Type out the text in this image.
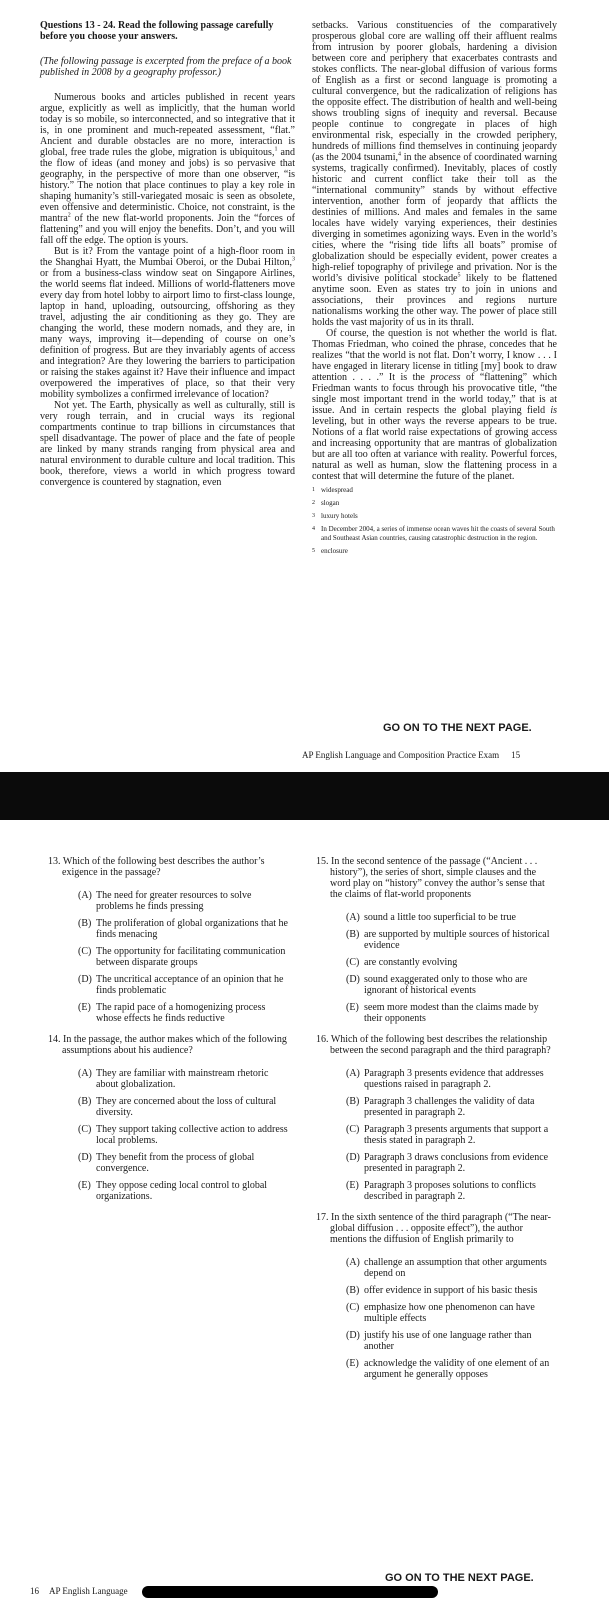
Questions 13 - 24. Read the following passage carefully before you choose your answers.
(The following passage is excerpted from the preface of a book published in 2008 by a geography professor.)

Numerous books and articles published in recent years argue, explicitly as well as implicitly, that the human world today is so mobile, so interconnected, and so integrative that it is, in one prominent and much-repeated assessment, “flat.” Ancient and durable obstacles are no more, interaction is global, free trade rules the globe, migration is ubiquitous,$^1$ and the flow of ideas (and money and jobs) is so pervasive that geography, in the perspective of more than one observer, “is history.” The notion that place continues to play a key role in shaping humanity’s still-variegated mosaic is seen as obsolete, even offensive and deterministic. Choice, not constraint, is the mantra$^2$ of the new flat-world proponents. Join the “forces of flattening” and you will enjoy the benefits. Don’t, and you will fall off the edge. The option is yours.

But is it? From the vantage point of a high-floor room in the Shanghai Hyatt, the Mumbai Oberoi, or the Dubai Hilton,$^3$ or from a business-class window seat on Singapore Airlines, the world seems flat indeed. Millions of world-flatteners move every day from hotel lobby to airport limo to first-class lounge, laptop in hand, uploading, outsourcing, offshoring as they travel, adjusting the air conditioning as they go. They are changing the world, these modern nomads, and they are, in many ways, improving it—depending of course on one’s definition of progress. But are they invariably agents of access and integration? Are they lowering the barriers to participation or raising the stakes against it? Have their influence and impact overpowered the imperatives of place, so that their very mobility symbolizes a confirmed irrelevance of location?

Not yet. The Earth, physically as well as culturally, still is very rough terrain, and in crucial ways its regional compartments continue to trap billions in circumstances that spell disadvantage. The power of place and the fate of people are linked by many strands ranging from physical area and natural environment to durable culture and local tradition. This book, therefore, views a world in which progress toward convergence is countered by stagnation, even

setbacks. Various constituencies of the comparatively prosperous global core are walling off their affluent realms from intrusion by poorer globals, hardening a division between core and periphery that exacerbates contrasts and stokes conflicts. The near-global diffusion of various forms of English as a first or second language is promoting a cultural convergence, but the radicalization of religions has the opposite effect. The distribution of health and well-being shows troubling signs of inequity and reversal. Because people continue to congregate in places of high environmental risk, especially in the crowded periphery, hundreds of millions find themselves in continuing jeopardy (as the 2004 tsunami,$^4$ in the absence of coordinated warning systems, tragically confirmed). Inevitably, places of costly historic and current conflict take their toll as the “international community” stands by without effective intervention, another form of jeopardy that afflicts the destinies of millions. And males and females in the same locales have widely varying experiences, their destinies diverging in sometimes agonizing ways. Even in the world’s cities, where the “rising tide lifts all boats” promise of globalization should be especially evident, power creates a high-relief topography of privilege and privation. Nor is the world’s divisive political stockade$^5$ likely to be flattened anytime soon. Even as states try to join in unions and associations, their provinces and regions nurture nationalisms working the other way. The power of place still holds the vast majority of us in its thrall.

Of course, the question is not whether the world is flat. Thomas Friedman, who coined the phrase, concedes that he realizes “that the world is not flat. Don’t worry, I know . . . I have engaged in literary license in titling [my] book to draw attention . . . .” It is the process of “flattening” which Friedman wants to focus through his provocative title, “the single most important trend in the world today,” that is at issue. And in certain respects the global playing field is leveling, but in other ways the reverse appears to be true. Notions of a flat world raise expectations of growing access and increasing opportunity that are mantras of globalization but are all too often at variance with reality. Powerful forces, natural as well as human, slow the flattening process in a contest that will determine the future of the planet.

1 widespread
2 slogan
3 luxury hotels
4 In December 2004, a series of immense ocean waves hit the coasts of several South and Southeast Asian countries, causing catastrophic destruction in the region.
5 enclosure
GO ON TO THE NEXT PAGE.
AP English Language and Composition Practice Exam 15
13. Which of the following best describes the author’s exigence in the passage?
(A) The need for greater resources to solve problems he finds pressing
(B) The proliferation of global organizations that he finds menacing
(C) The opportunity for facilitating communication between disparate groups
(D) The uncritical acceptance of an opinion that he finds problematic
(E) The rapid pace of a homogenizing process whose effects he finds reductive
14. In the passage, the author makes which of the following assumptions about his audience?
(A) They are familiar with mainstream rhetoric about globalization.
(B) They are concerned about the loss of cultural diversity.
(C) They support taking collective action to address local problems.
(D) They benefit from the process of global convergence.
(E) They oppose ceding local control to global organizations.
15. In the second sentence of the passage (“Ancient . . . history”), the series of short, simple clauses and the word play on “history” convey the author’s sense that the claims of flat-world proponents
(A) sound a little too superficial to be true
(B) are supported by multiple sources of historical evidence
(C) are constantly evolving
(D) sound exaggerated only to those who are ignorant of historical events
(E) seem more modest than the claims made by their opponents
16. Which of the following best describes the relationship between the second paragraph and the third paragraph?
(A) Paragraph 3 presents evidence that addresses questions raised in paragraph 2.
(B) Paragraph 3 challenges the validity of data presented in paragraph 2.
(C) Paragraph 3 presents arguments that support a thesis stated in paragraph 2.
(D) Paragraph 3 draws conclusions from evidence presented in paragraph 2.
(E) Paragraph 3 proposes solutions to conflicts described in paragraph 2.
17. In the sixth sentence of the third paragraph (“The near-global diffusion . . . opposite effect”), the author mentions the diffusion of English primarily to
(A) challenge an assumption that other arguments depend on
(B) offer evidence in support of his basic thesis
(C) emphasize how one phenomenon can have multiple effects
(D) justify his use of one language rather than another
(E) acknowledge the validity of one element of an argument he generally opposes
GO ON TO THE NEXT PAGE.
16 AP English Language
